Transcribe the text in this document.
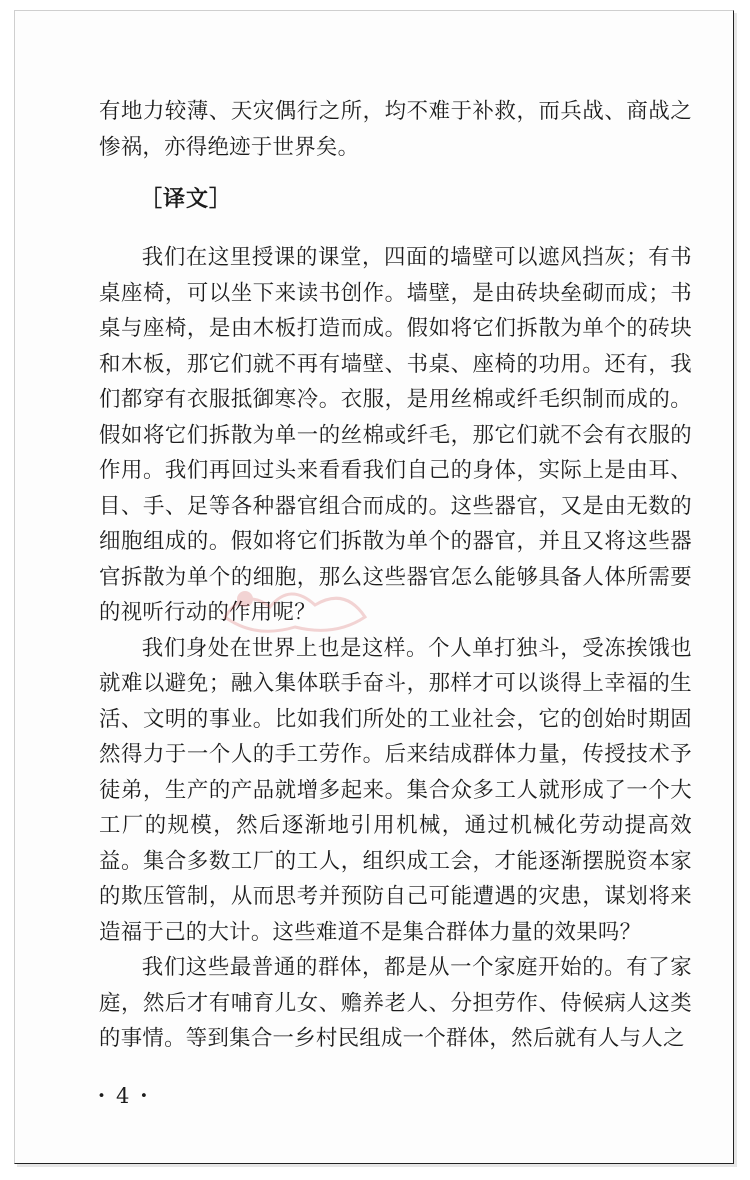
有地力较薄、天灾偶行之所，均不难于补救，而兵战、商战之惨祸，亦得绝迹于世界矣。

［译文］

我们在这里授课的课堂，四面的墙壁可以遮风挡灰；有书桌座椅，可以坐下来读书创作。墙壁，是由砖块垒砌而成；书桌与座椅，是由木板打造而成。假如将它们拆散为单个的砖块和木板，那它们就不再有墙壁、书桌、座椅的功用。还有，我们都穿有衣服抵御寒冷。衣服，是用丝棉或纤毛织制而成的。假如将它们拆散为单一的丝棉或纤毛，那它们就不会有衣服的作用。我们再回过头来看看我们自己的身体，实际上是由耳、目、手、足等各种器官组合而成的。这些器官，又是由无数的细胞组成的。假如将它们拆散为单个的器官，并且又将这些器官拆散为单个的细胞，那么这些器官怎么能够具备人体所需要的视听行动的作用呢？

我们身处在世界上也是这样。个人单打独斗，受冻挨饿也就难以避免；融入集体联手奋斗，那样才可以谈得上幸福的生活、文明的事业。比如我们所处的工业社会，它的创始时期固然得力于一个人的手工劳作。后来结成群体力量，传授技术予徒弟，生产的产品就增多起来。集合众多工人就形成了一个大工厂的规模，然后逐渐地引用机械，通过机械化劳动提高效益。集合多数工厂的工人，组织成工会，才能逐渐摆脱资本家的欺压管制，从而思考并预防自己可能遭遇的灾患，谋划将来造福于己的大计。这些难道不是集合群体力量的效果吗？

我们这些最普通的群体，都是从一个家庭开始的。有了家庭，然后才有哺育儿女、赡养老人、分担劳作、侍候病人这类的事情。等到集合一乡村民组成一个群体，然后就有人与人之

・4・
